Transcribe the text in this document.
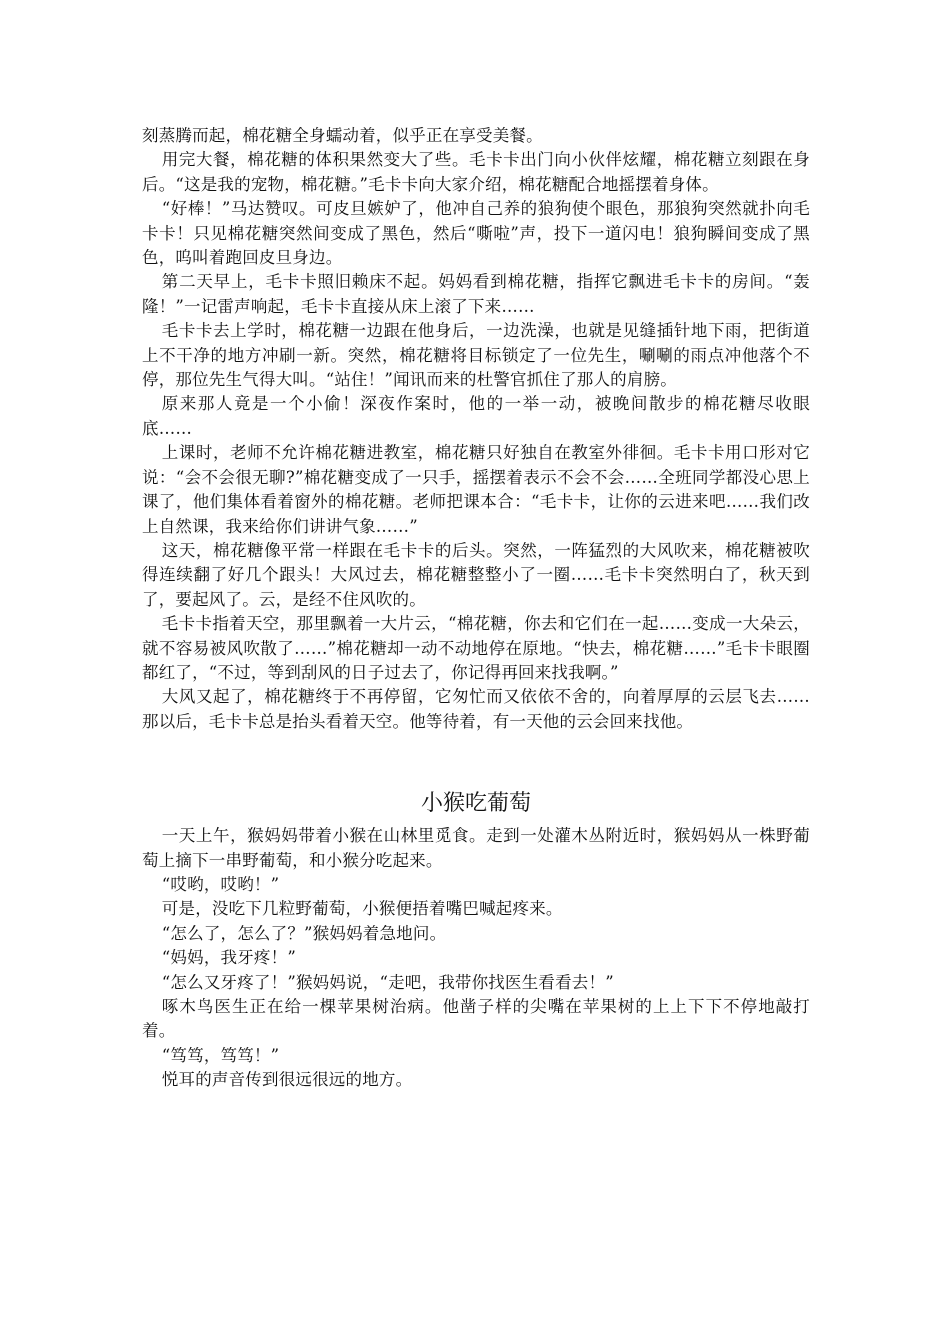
刻蒸腾而起，棉花糖全身蠕动着，似乎正在享受美餐。

用完大餐，棉花糖的体积果然变大了些。毛卡卡出门向小伙伴炫耀，棉花糖立刻跟在身后。“这是我的宠物，棉花糖。”毛卡卡向大家介绍，棉花糖配合地摇摆着身体。

“好棒！”马达赞叹。可皮旦嫉妒了，他冲自己养的狼狗使个眼色，那狼狗突然就扑向毛卡卡！只见棉花糖突然间变成了黑色，然后“嘶啦”声，投下一道闪电！狼狗瞬间变成了黑色，呜叫着跑回皮旦身边。

第二天早上，毛卡卡照旧赖床不起。妈妈看到棉花糖，指挥它飘进毛卡卡的房间。“轰隆！”一记雷声响起，毛卡卡直接从床上滚了下来……

毛卡卡去上学时，棉花糖一边跟在他身后，一边洗澡，也就是见缝插针地下雨，把街道上不干净的地方冲刷一新。突然，棉花糖将目标锁定了一位先生，唰唰的雨点冲他落个不停，那位先生气得大叫。“站住！”闻讯而来的杜警官抓住了那人的肩膀。

原来那人竟是一个小偷！深夜作案时，他的一举一动，被晚间散步的棉花糖尽收眼底……

上课时，老师不允许棉花糖进教室，棉花糖只好独自在教室外徘徊。毛卡卡用口形对它说：“会不会很无聊?”棉花糖变成了一只手，摇摆着表示不会不会……全班同学都没心思上课了，他们集体看着窗外的棉花糖。老师把课本合：“毛卡卡，让你的云进来吧……我们改上自然课，我来给你们讲讲气象……”

这天，棉花糖像平常一样跟在毛卡卡的后头。突然，一阵猛烈的大风吹来，棉花糖被吹得连续翻了好几个跟头！大风过去，棉花糖整整小了一圈……毛卡卡突然明白了，秋天到了，要起风了。云，是经不住风吹的。

毛卡卡指着天空，那里飘着一大片云，“棉花糖，你去和它们在一起……变成一大朵云，就不容易被风吹散了……”棉花糖却一动不动地停在原地。“快去，棉花糖……”毛卡卡眼圈都红了，“不过，等到刮风的日子过去了，你记得再回来找我啊。”

大风又起了，棉花糖终于不再停留，它匆忙而又依依不舍的，向着厚厚的云层飞去……那以后，毛卡卡总是抬头看着天空。他等待着，有一天他的云会回来找他。

小猴吃葡萄

一天上午，猴妈妈带着小猴在山林里觅食。走到一处灌木丛附近时，猴妈妈从一株野葡萄上摘下一串野葡萄，和小猴分吃起来。

“哎哟，哎哟！”

可是，没吃下几粒野葡萄，小猴便捂着嘴巴喊起疼来。

“怎么了，怎么了？”猴妈妈着急地问。

“妈妈，我牙疼！”

“怎么又牙疼了！”猴妈妈说，“走吧，我带你找医生看看去！”

啄木鸟医生正在给一棵苹果树治病。他凿子样的尖嘴在苹果树的上上下下不停地敲打着。

“笃笃，笃笃！”

悦耳的声音传到很远很远的地方。
